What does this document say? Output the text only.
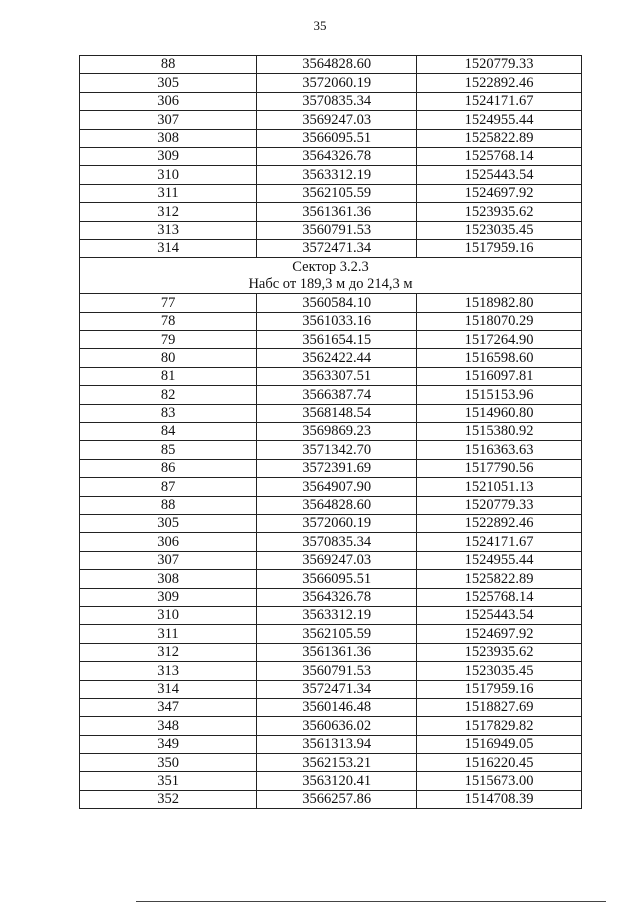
35
88	3564828.60	1520779.33
305	3572060.19	1522892.46
306	3570835.34	1524171.67
307	3569247.03	1524955.44
308	3566095.51	1525822.89
309	3564326.78	1525768.14
310	3563312.19	1525443.54
311	3562105.59	1524697.92
312	3561361.36	1523935.62
313	3560791.53	1523035.45
314	3572471.34	1517959.16

Сектор 3.2.3
Набс от 189,3 м до 214,3 м		

77	3560584.10	1518982.80
78	3561033.16	1518070.29
79	3561654.15	1517264.90
80	3562422.44	1516598.60
81	3563307.51	1516097.81
82	3566387.74	1515153.96
83	3568148.54	1514960.80
84	3569869.23	1515380.92
85	3571342.70	1516363.63
86	3572391.69	1517790.56
87	3564907.90	1521051.13
88	3564828.60	1520779.33
305	3572060.19	1522892.46
306	3570835.34	1524171.67
307	3569247.03	1524955.44
308	3566095.51	1525822.89
309	3564326.78	1525768.14
310	3563312.19	1525443.54
311	3562105.59	1524697.92
312	3561361.36	1523935.62
313	3560791.53	1523035.45
314	3572471.34	1517959.16
347	3560146.48	1518827.69
348	3560636.02	1517829.82
349	3561313.94	1516949.05
350	3562153.21	1516220.45
351	3563120.41	1515673.00
352	3566257.86	1514708.39
